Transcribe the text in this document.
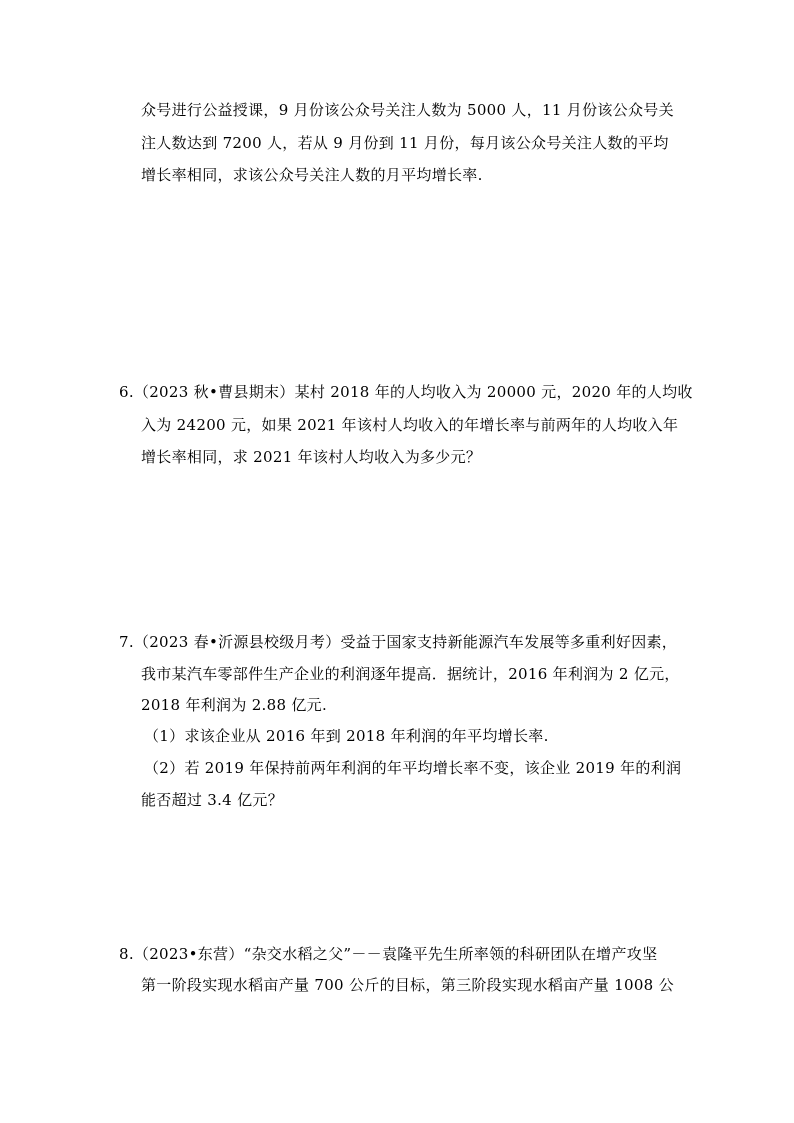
众号进行公益授课，9 月份该公众号关注人数为 5000 人，11 月份该公众号关
注人数达到 7200 人，若从 9 月份到 11 月份，每月该公众号关注人数的平均
增长率相同，求该公众号关注人数的月平均增长率.
6.（2023 秋•曹县期末）某村 2018 年的人均收入为 20000 元，2020 年的人均收
入为 24200 元，如果 2021 年该村人均收入的年增长率与前两年的人均收入年
增长率相同，求 2021 年该村人均收入为多少元？
7.（2023 春•沂源县校级月考）受益于国家支持新能源汽车发展等多重利好因素，
我市某汽车零部件生产企业的利润逐年提高．据统计，2016 年利润为 2 亿元，
2018 年利润为 2.88 亿元.
（1）求该企业从 2016 年到 2018 年利润的年平均增长率.
（2）若 2019 年保持前两年利润的年平均增长率不变，该企业 2019 年的利润
能否超过 3.4 亿元？
8.（2023•东营）“杂交水稻之父”－－袁隆平先生所率领的科研团队在增产攻坚
第一阶段实现水稻亩产量 700 公斤的目标，第三阶段实现水稻亩产量 1008 公
